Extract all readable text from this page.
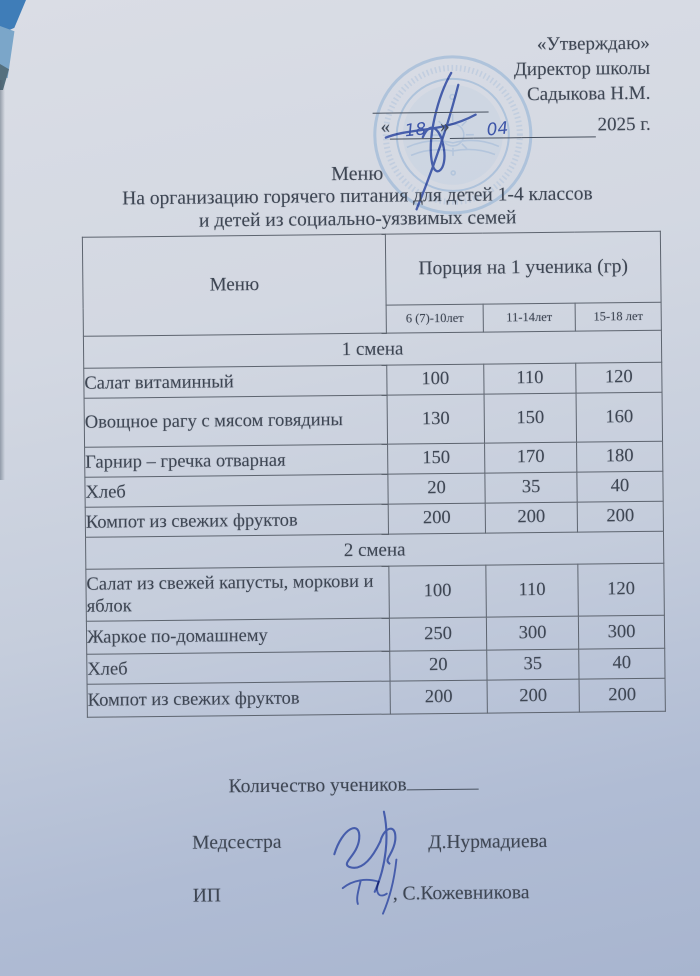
«Утверждаю»
Директор школы
Садыкова Н.М.
« 18 »	04	2025 г.
Меню
На организацию горячего питания для детей 1-4 классов
и детей из социально-уязвимых семей
Меню	Порция на 1 ученика (гр)		
	6 (7)-10лет	11-14лет	15-18 лет
1 смена			
Салат витаминный	100	110	120
Овощное рагу с мясом говядины	130	150	160
Гарнир – гречка отварная	150	170	180
Хлеб	20	35	40
Компот из свежих фруктов	200	200	200
2 смена			
Салат из свежей капусты, моркови и яблок	100	110	120
Жаркое по-домашнему	250	300	300
Хлеб	20	35	40
Компот из свежих фруктов	200	200	200
Количество учеников
Медсестра	Д.Нурмадиева
ИП	, С.Кожевникова
